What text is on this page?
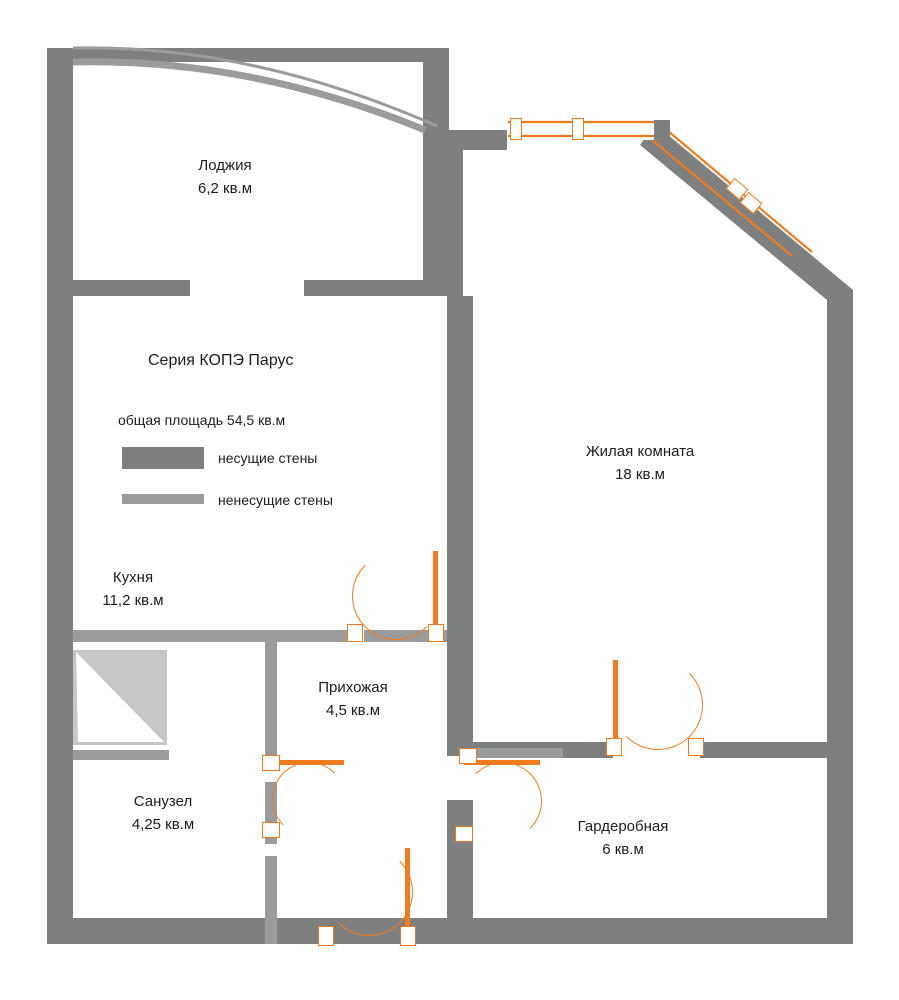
Лоджия
6,2 кв.м
Серия КОПЭ Парус
общая площадь 54,5 кв.м
несущие стены
ненесущие стены
Жилая комната
18 кв.м
Кухня
11,2 кв.м
Прихожая
4,5 кв.м
Санузел
4,25 кв.м	Гардеробная
6 кв.м
